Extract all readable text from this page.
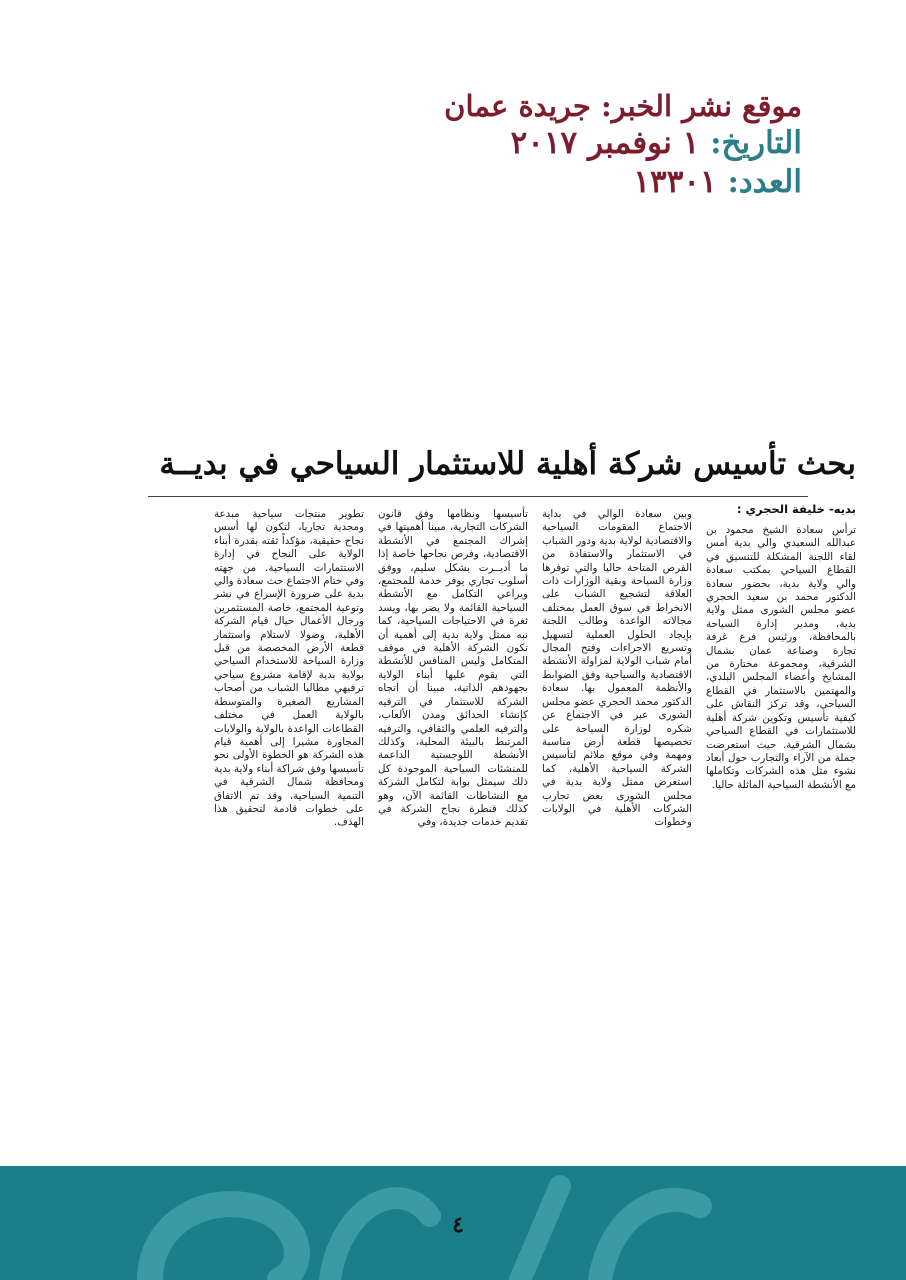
موقع نشر الخبر: جريدة عمان
التاريخ: ١ نوفمبر ٢٠١٧
العدد: ١٣٣٠١
بحث تأسيس شركة أهلية للاستثمار السياحي في بديــة
بديه- خليفة الحجري :
ترأس سعادة الشيخ محمود بن عبدالله السعيدي والي بدية أمس لقاء اللجنة المشكلة للتنسيق في القطاع السياحي بمكتب سعادة والي ولاية بدية، بحضور سعادة الدكتور محمد بن سعيد الحجري عضو مجلس الشورى ممثل ولاية بدية، ومدير إدارة السياحة بالمحافظة، ورئيس فرع غرفة تجارة وصناعة عمان بشمال الشرقية، ومجموعة مختارة من المشايخ وأعضاء المجلس البلدي، والمهتمين بالاستثمار في القطاع السياحي، وقد تركز النقاش على كيفية تأسيس وتكوين شركة أهلية للاستثمارات في القطاع السياحي بشمال الشرقية. حيث استعرضت جملة من الآراء والتجارب حول أبعاد نشوء مثل هذه الشركات وتكاملها مع الأنشطة السياحية الماثلة حاليا.
وبين سعادة الوالي في بداية الاجتماع المقومات السياحية والاقتصادية لولاية بدية ودور الشباب في الاستثمار والاستفادة من الفرص المتاحة حاليا والتي توفرها وزارة السياحة وبقية الوزارات ذات العلاقة لتشجيع الشباب على الانخراط في سوق العمل بمختلف مجالاته الواعدة وطالب اللجنة بإيجاد الحلول العملية لتسهيل وتسريع الاجراءات وفتح المجال أمام شباب الولاية لمزاولة الأنشطة الاقتصادية والسياحية وفق الضوابط والأنظمة المعمول بها. سعادة الدكتور محمد الحجري عضو مجلس الشورى عبر في الاجتماع عن شكره لوزارة السياحة على تخصيصها قطعة أرض مناسبة ومهمة وفي موقع ملائم لتأسيس الشركة السياحية الأهلية، كما استعرض ممثل ولاية بدية في مجلس الشورى بعض تجارب الشركات الأهلية في الولايات وخطوات
تأسيسها ونظامها وفق قانون الشركات التجارية، مبينا أهميتها في إشراك المجتمع في الأنشطة الاقتصادية، وفرص نجاحها خاصة إذا ما أديــرت بشكل سليم، ووفق أسلوب تجاري يوفر خدمة للمجتمع، ويراعي التكامل مع الأنشطة السياحية القائمة ولا يضر بها، ويسد ثغرة في الاحتياجات السياحية، كما نبه ممثل ولاية بدية إلى أهمية أن تكون الشركة الأهلية في موقف المتكامل وليس المنافس للأنشطة التي يقوم عليها أبناء الولاية بجهودهم الذاتية، مبينا أن اتجاه الشركة للاستثمار في الترفيه كإنشاء الحدائق ومدن الألعاب، والترفيه العلمي والثقافي، والترفيه المرتبط بالبيئة المحلية، وكذلك الأنشطة اللوجستية الداعمة للمنشئات السياحية الموجودة كل ذلك سيمثل بوابة لتكامل الشركة مع النشاطات القائمة الآن، وهو كذلك قنطرة نجاح الشركة في تقديم خدمات جديدة، وفي
تطوير منتجات سياحية مبدعة ومجدية تجاريا، لتكون لها أسس نجاح حقيقية، مؤكداً ثقته بقدرة أبناء الولاية على النجاح في إدارة الاستثمارات السياحية. من جهته وفي ختام الاجتماع حث سعادة والي بدية على ضرورة الإسراع في نشر وتوعية المجتمع، خاصة المستثمرين ورجال الأعمال حيال قيام الشركة الأهلية، وصولا لاستلام واستثمار قطعة الأرض المخصصة من قبل وزارة السياحة للاستخدام السياحي بولاية بدية لإقامة مشروع سياحي ترفيهي مطالبا الشباب من أصحاب المشاريع الصغيرة والمتوسطة بالولاية العمل في مختلف القطاعات الواعدة بالولاية والولايات المجاورة مشيرا إلى أهمية قيام هذه الشركة هو الخطوة الأولى نحو تأسيسها وفق شراكة أبناء ولاية بدية ومحافظة شمال الشرقية في التنمية السياحية، وقد تم الاتفاق على خطوات قادمة لتحقيق هذا الهدف.
٤
